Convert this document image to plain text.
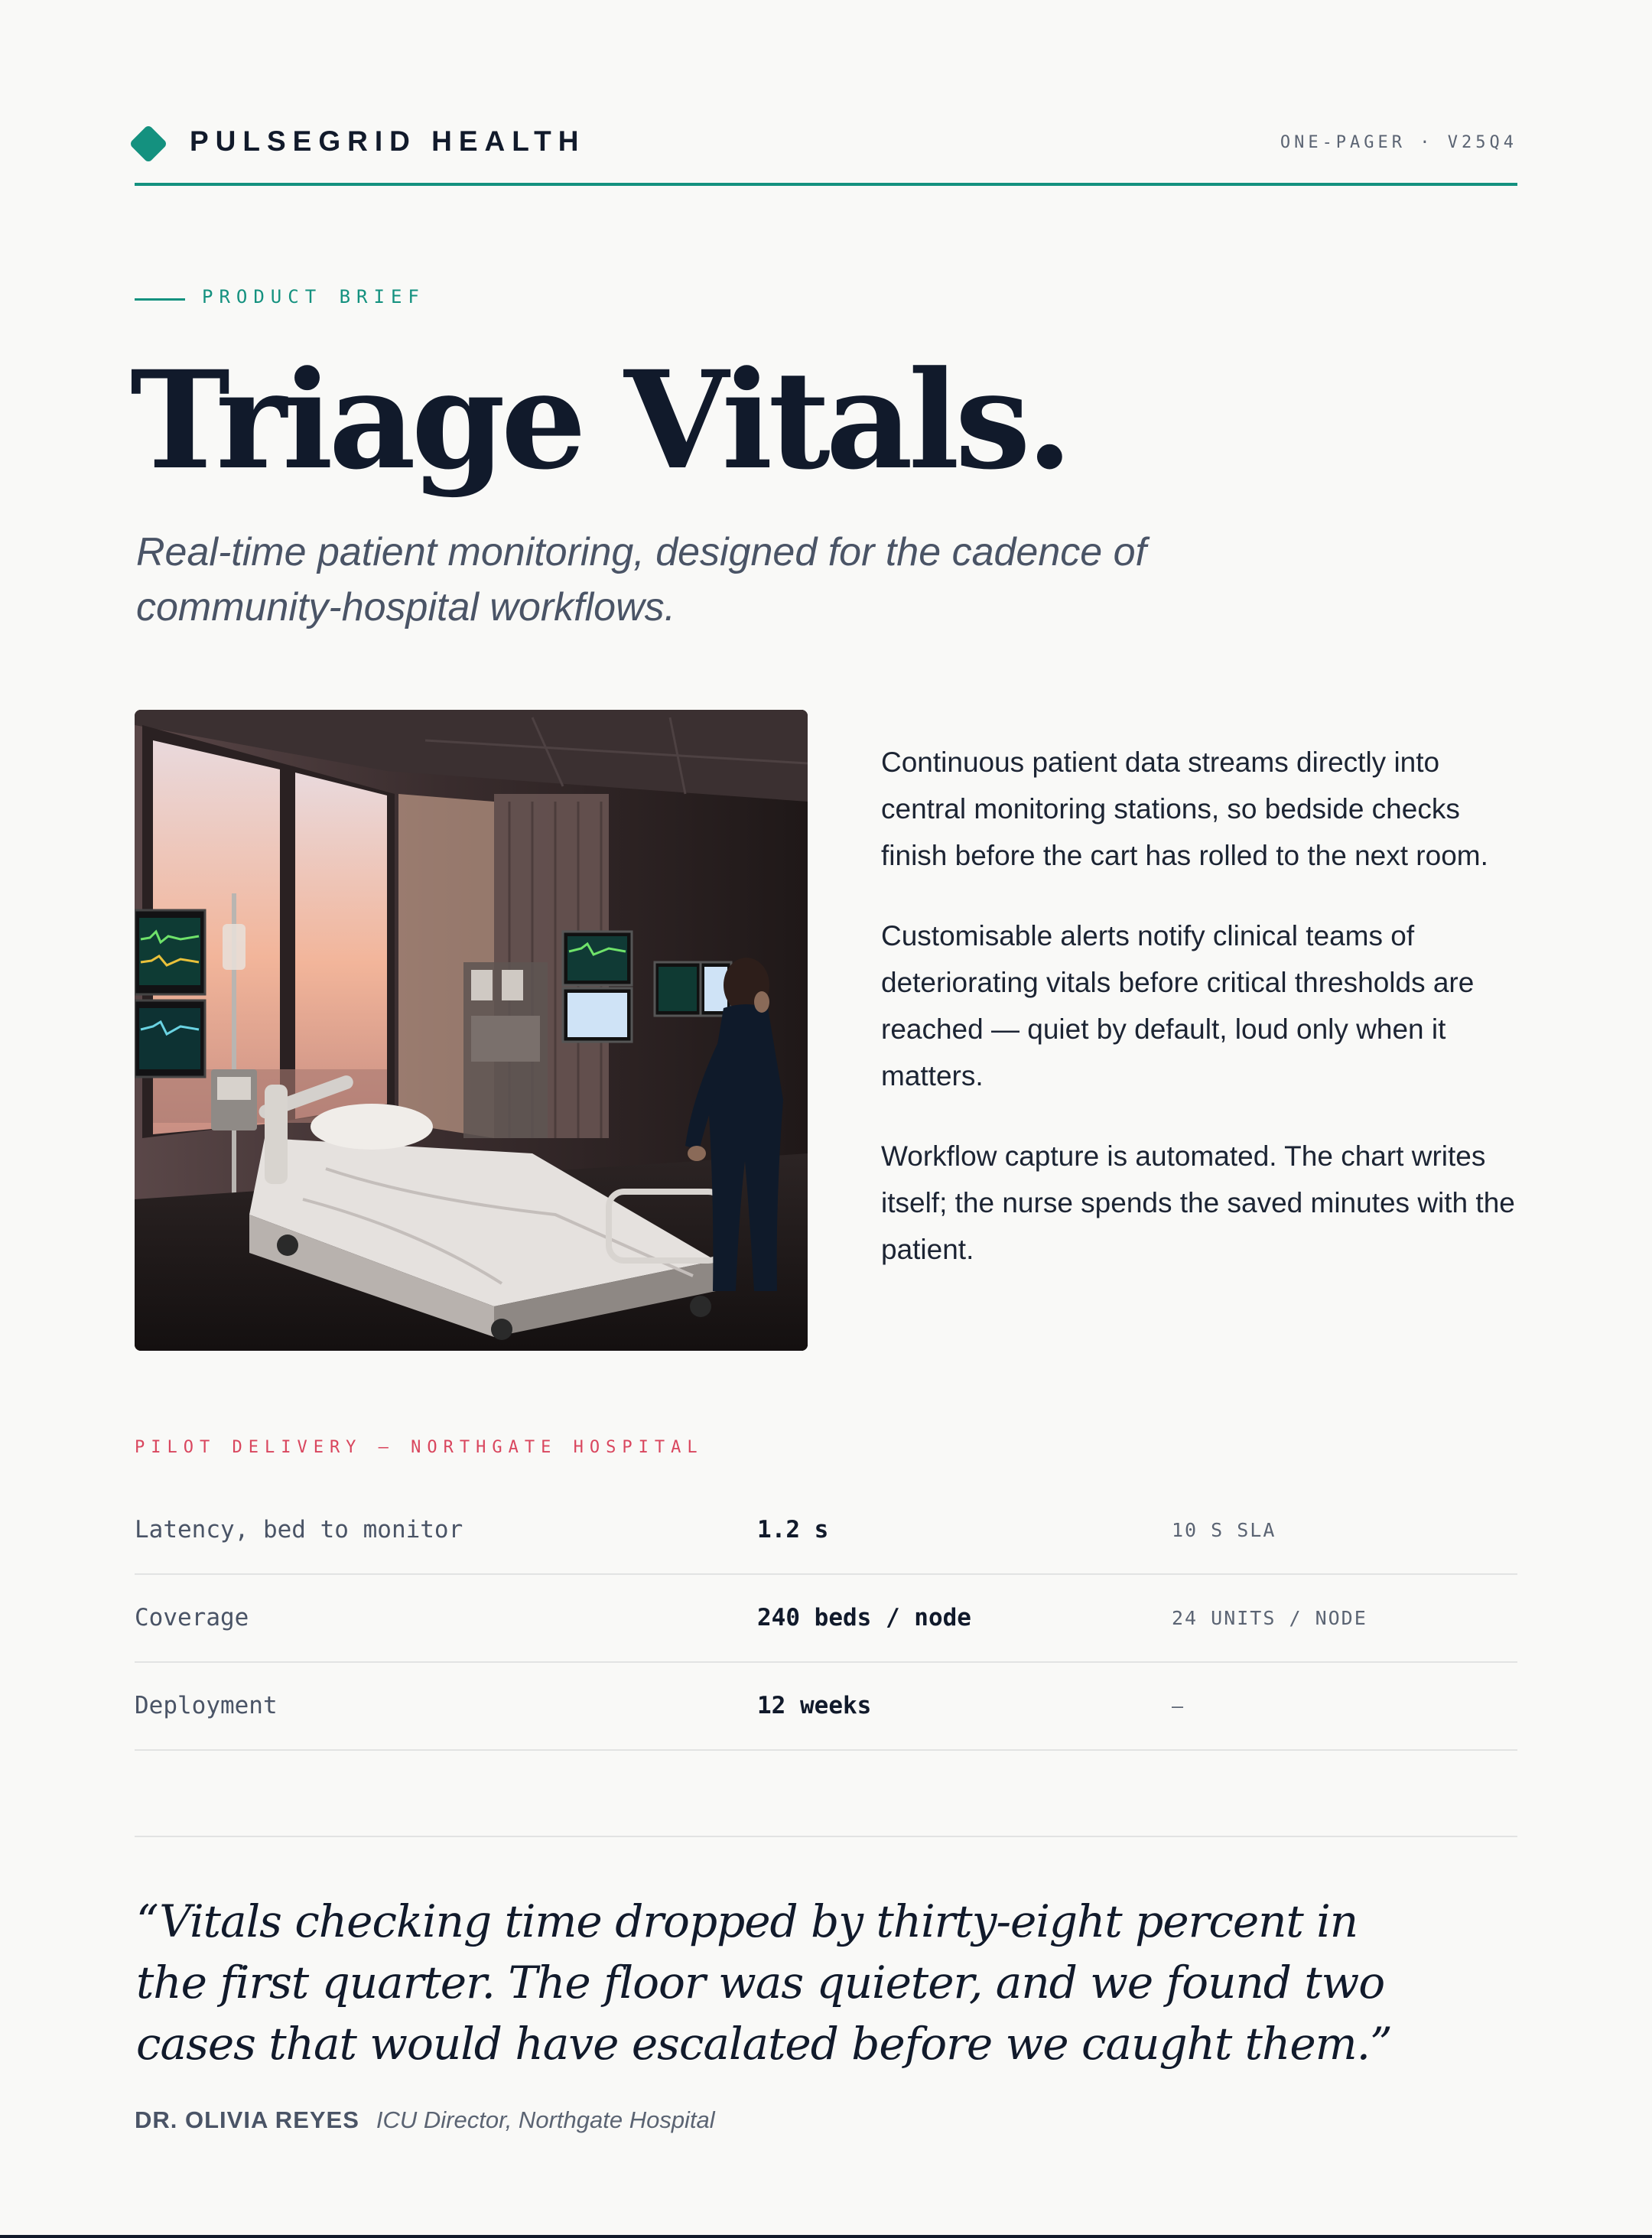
PULSEGRID HEALTH	ONE-PAGER · V25Q4
PRODUCT BRIEF
Triage Vitals.

Real-time patient monitoring, designed for the cadence of community-hospital workflows.

Continuous patient data streams directly into central monitoring stations, so bedside checks finish before the cart has rolled to the next room.

Customisable alerts notify clinical teams of deteriorating vitals before critical thresholds are reached — quiet by default, loud only when it matters.

Workflow capture is automated. The chart writes itself; the nurse spends the saved minutes with the patient.

PILOT DELIVERY — NORTHGATE HOSPITAL
Latency, bed to monitor	1.2 s	10 S SLA
Coverage	240 beds / node	24 UNITS / NODE
Deployment	12 weeks	—
“Vitals checking time dropped by thirty-eight percent in the first quarter. The floor was quieter, and we found two cases that would have escalated before we caught them.”
DR. OLIVIA REYES ICU Director, Northgate Hospital
